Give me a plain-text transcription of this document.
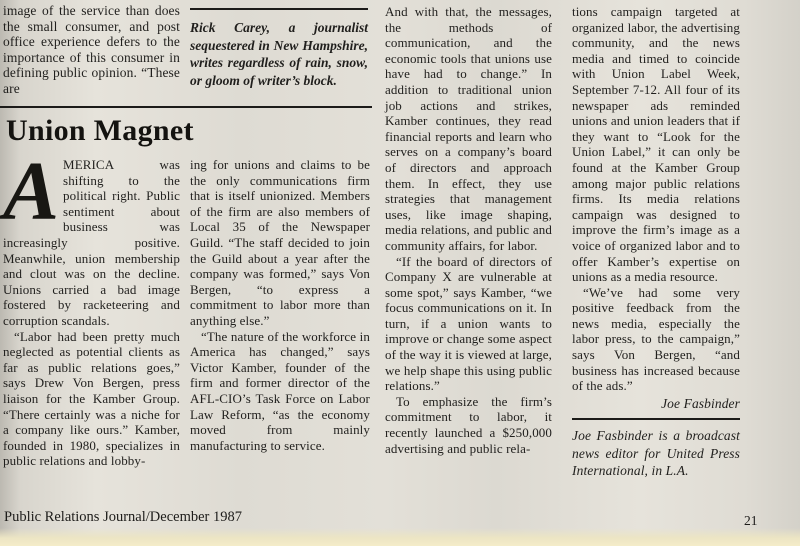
image of the service than does the small consumer, and post office experience defers to the importance of this consumer in defining public opinion. “These are

Rick Carey, a journalist sequestered in New Hampshire, writes regardless of rain, snow, or gloom of writer’s block.

Union Magnet

AMERICA was shifting to the political right. Public sentiment about business was increasingly positive. Meanwhile, union membership and clout was on the decline. Unions carried a bad image fostered by racketeering and corruption scandals.

“Labor had been pretty much neglected as potential clients as far as public relations goes,” says Drew Von Bergen, press liaison for the Kamber Group. “There certainly was a niche for a company like ours.” Kamber, founded in 1980, specializes in public relations and lobby-

ing for unions and claims to be the only communications firm that is itself unionized. Members of the firm are also members of Local 35 of the Newspaper Guild. “The staff decided to join the Guild about a year after the company was formed,” says Von Bergen, “to express a commitment to labor more than anything else.”

“The nature of the workforce in America has changed,” says Victor Kamber, founder of the firm and former director of the AFL-CIO’s Task Force on Labor Law Reform, “as the economy moved from mainly manufacturing to service.

And with that, the messages, the methods of communication, and the economic tools that unions use have had to change.” In addition to traditional union job actions and strikes, Kamber continues, they read financial reports and learn who serves on a company’s board of directors and approach them. In effect, they use strategies that management uses, like image shaping, media relations, and public and community affairs, for labor.

“If the board of directors of Company X are vulnerable at some spot,” says Kamber, “we focus communications on it. In turn, if a union wants to improve or change some aspect of the way it is viewed at large, we help shape this using public relations.”

To emphasize the firm’s commitment to labor, it recently launched a $250,000 advertising and public rela-

tions campaign targeted at organized labor, the advertising community, and the news media and timed to coincide with Union Label Week, September 7-12. All four of its newspaper ads reminded unions and union leaders that if they want to “Look for the Union Label,” it can only be found at the Kamber Group among major public relations firms. Its media relations campaign was designed to improve the firm’s image as a voice of organized labor and to offer Kamber’s expertise on unions as a media resource.

“We’ve had some very positive feedback from the news media, especially the labor press, to the campaign,” says Von Bergen, “and business has increased because of the ads.”

Joe Fasbinder
Joe Fasbinder is a broadcast news editor for United Press International, in L.A.
Public Relations Journal/December 1987	21
